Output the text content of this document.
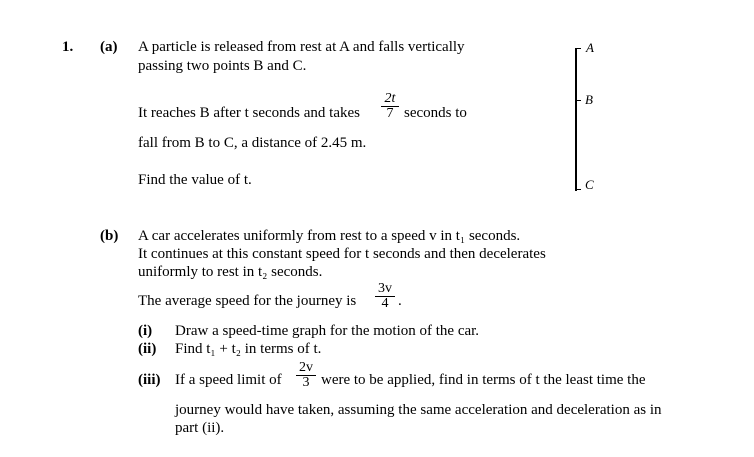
1. (a) A particle is released from rest at A and falls vertically
passing two points B and C.
It reaches B after t seconds and takes $\frac{2t}{7}$ seconds to
fall from B to C, a distance of 2.45 m.
Find the value of t.
A
B
C
(b) A car accelerates uniformly from rest to a speed v in t₁ seconds.
It continues at this constant speed for t seconds and then decelerates
uniformly to rest in t₂ seconds.
The average speed for the journey is $\frac{3v}{4}$ .
(i) Draw a speed-time graph for the motion of the car.
(ii) Find t₁ + t₂ in terms of t.
(iii) If a speed limit of $\frac{2v}{3}$ were to be applied, find in terms of t the least time the
journey would have taken, assuming the same acceleration and deceleration as in
part (ii).
